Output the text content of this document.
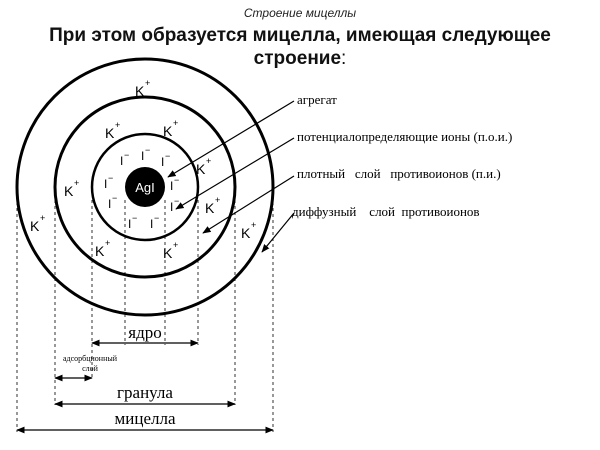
Строение мицеллы
При этом образуется мицелла, имеющая следующее строение:
AgI
I − I −
I −
I −
I −
I −
I −
I − I −
K +
K +	K +
K +
K +
K +
K +
K +
K +
K +
агрегат
потенциалопределяющие ионы (п.о.и.)
плотный   слой   противоионов (п.и.)
диффузный    слой  противоионов
ядро
адсорбционный
слой
гранула
мицелла
